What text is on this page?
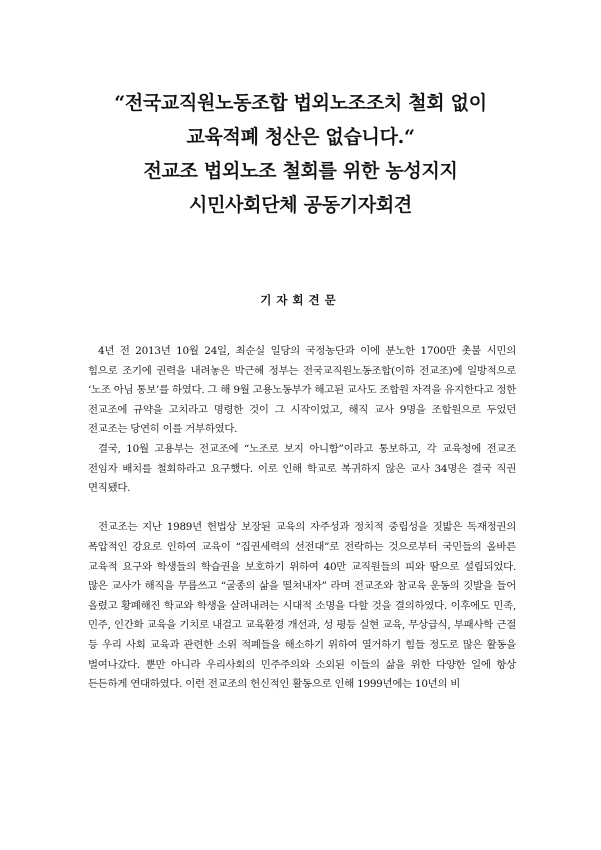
“전국교직원노동조합 법외노조조치 철회 없이
교육적폐 청산은 없습니다.“
전교조 법외노조 철회를 위한 농성지지
시민사회단체 공동기자회견
기자회견문

4년 전 2013년 10월 24일, 최순실 일당의 국정농단과 이에 분노한 1700만 촛불 시민의 힘으로 조기에 권력을 내려놓은 박근혜 정부는 전국교직원노동조합(이하 전교조)에 일방적으로 ‘노조 아님 통보’를 하였다. 그 해 9월 고용노동부가 해고된 교사도 조합원 자격을 유지한다고 정한 전교조에 규약을 고치라고 명령한 것이 그 시작이었고, 해직 교사 9명을 조합원으로 두었던 전교조는 당연히 이를 거부하였다.

결국, 10월 고용부는 전교조에 “노조로 보지 아니함”이라고 통보하고, 각 교육청에 전교조 전임자 배치를 철회하라고 요구했다. 이로 인해 학교로 복귀하지 않은 교사 34명은 결국 직권 면직됐다.

전교조는 지난 1989년 헌법상 보장된 교육의 자주성과 정치적 중립성을 짓밟은 독재정권의 폭압적인 강요로 인하여 교육이 “집권세력의 선전대”로 전락하는 것으로부터 국민들의 올바른 교육적 요구와 학생들의 학습권을 보호하기 위하여 40만 교직원들의 피와 땀으로 설립되었다. 많은 교사가 해직을 무릅쓰고 “굴종의 삶을 떨쳐내자” 라며 전교조와 참교육 운동의 깃발을 들어 올렸고 황폐해진 학교와 학생을 살려내려는 시대적 소명을 다할 것을 결의하였다. 이후에도 민족, 민주, 인간화 교육을 기치로 내걸고 교육환경 개선과, 성 평등 실현 교육, 무상급식, 부패사학 근절 등 우리 사회 교육과 관련한 소위 적폐들을 해소하기 위하여 열거하기 힘들 정도로 많은 활동을 벌여나갔다. 뿐만 아니라 우리사회의 민주주의와 소외된 이들의 삶을 위한 다양한 일에 항상 든든하게 연대하였다. 이런 전교조의 헌신적인 활동으로 인해 1999년에는 10년의 비
